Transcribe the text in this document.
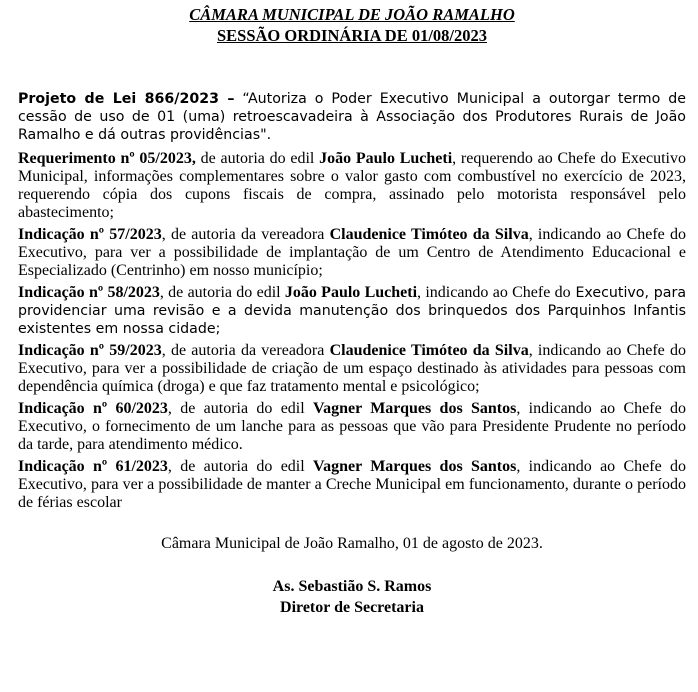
CÂMARA MUNICIPAL DE JOÃO RAMALHO

SESSÃO ORDINÁRIA DE 01/08/2023

Projeto de Lei 866/2023 – “Autoriza o Poder Executivo Municipal a outorgar termo de cessão de uso de 01 (uma) retroescavadeira à Associação dos Produtores Rurais de João Ramalho e dá outras providências".

Requerimento nº 05/2023, de autoria do edil João Paulo Lucheti, requerendo ao Chefe do Executivo Municipal, informações complementares sobre o valor gasto com combustível no exercício de 2023, requerendo cópia dos cupons fiscais de compra, assinado pelo motorista responsável pelo abastecimento;

Indicação nº 57/2023, de autoria da vereadora Claudenice Timóteo da Silva, indicando ao Chefe do Executivo, para ver a possibilidade de implantação de um Centro de Atendimento Educacional e Especializado (Centrinho) em nosso município;

Indicação nº 58/2023, de autoria do edil João Paulo Lucheti, indicando ao Chefe do Executivo, para providenciar uma revisão e a devida manutenção dos brinquedos dos Parquinhos Infantis existentes em nossa cidade;

Indicação nº 59/2023, de autoria da vereadora Claudenice Timóteo da Silva, indicando ao Chefe do Executivo, para ver a possibilidade de criação de um espaço destinado às atividades para pessoas com dependência química (droga) e que faz tratamento mental e psicológico;

Indicação nº 60/2023, de autoria do edil Vagner Marques dos Santos, indicando ao Chefe do Executivo, o fornecimento de um lanche para as pessoas que vão para Presidente Prudente no período da tarde, para atendimento médico.

Indicação nº 61/2023, de autoria do edil Vagner Marques dos Santos, indicando ao Chefe do Executivo, para ver a possibilidade de manter a Creche Municipal em funcionamento, durante o período de férias escolar

Câmara Municipal de João Ramalho, 01 de agosto de 2023.

As. Sebastião S. Ramos
Diretor de Secretaria
